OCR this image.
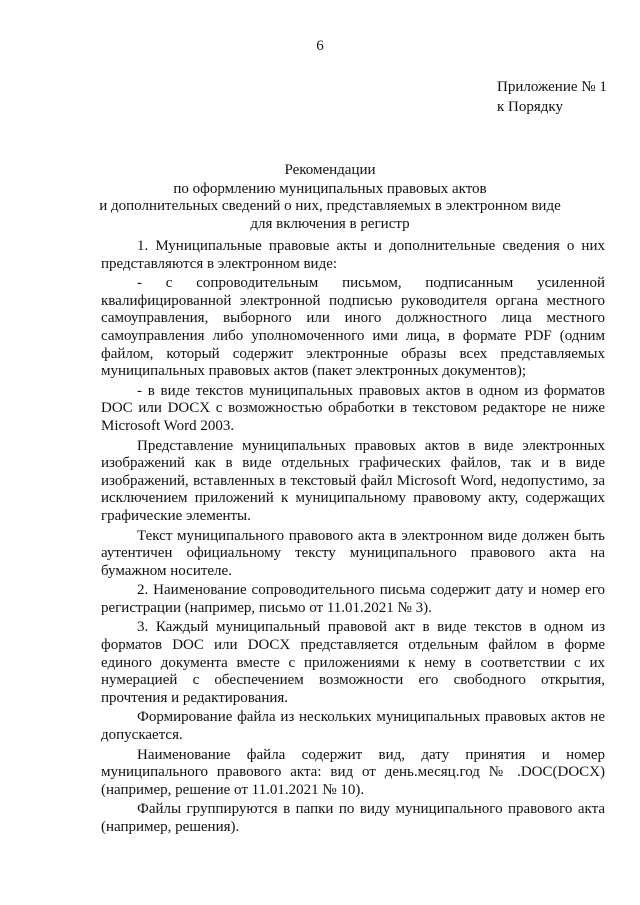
6
Приложение № 1
к Порядку
Рекомендации
по оформлению муниципальных правовых актов
и дополнительных сведений о них, представляемых в электронном виде
для включения в регистр

1. Муниципальные правовые акты и дополнительные сведения о них представляются в электронном виде:

- с сопроводительным письмом, подписанным усиленной квалифицированной электронной подписью руководителя органа местного самоуправления, выборного или иного должностного лица местного самоуправления либо уполномоченного ими лица, в формате PDF (одним файлом, который содержит электронные образы всех представляемых муниципальных правовых актов (пакет электронных документов);

- в виде текстов муниципальных правовых актов в одном из форматов DOC или DOCX с возможностью обработки в текстовом редакторе не ниже Microsoft Word 2003.

Представление муниципальных правовых актов в виде электронных изображений как в виде отдельных графических файлов, так и в виде изображений, вставленных в текстовый файл Microsoft Word, недопустимо, за исключением приложений к муниципальному правовому акту, содержащих графические элементы.

Текст муниципального правового акта в электронном виде должен быть аутентичен официальному тексту муниципального правового акта на бумажном носителе.

2. Наименование сопроводительного письма содержит дату и номер его регистрации (например, письмо от 11.01.2021 № 3).

3. Каждый муниципальный правовой акт в виде текстов в одном из форматов DOC или DOCX представляется отдельным файлом в форме единого документа вместе с приложениями к нему в соответствии с их нумерацией с обеспечением возможности его свободного открытия, прочтения и редактирования.

Формирование файла из нескольких муниципальных правовых актов не допускается.

Наименование файла содержит вид, дату принятия и номер муниципального правового акта: вид от день.месяц.год № .DOC(DOCX) (например, решение от 11.01.2021 № 10).

Файлы группируются в папки по виду муниципального правового акта (например, решения).
